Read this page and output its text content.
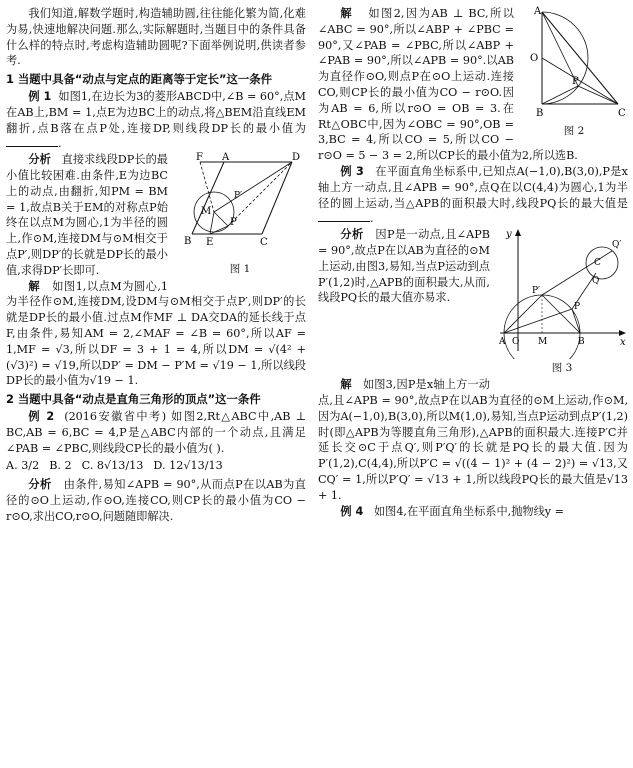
我们知道,解数学题时,构造辅助圆,往往能化繁为简,化难为易,快速地解决问题.那么,实际解题时,当题目中的条件具备什么样的特点时,考虑构造辅助圆呢?下面举例说明,供读者参考.

1 当题中具备“动点与定点的距离等于定长”这一条件

例 1 如图1,在边长为3的菱形ABCD中,∠B = 60°,点M在AB上,BM = 1,点E为边BC上的动点,将△BEM沿直线EM翻折,点B落在点P处,连接DP,则线段DP长的最小值为 .

F A	D
P′
M
P
B E	C
图 1

分析 直接求线段DP长的最小值比较困难.由条件,E为边BC上的动点,由翻折,知PM = BM = 1,故点B关于EM的对称点P始终在以点M为圆心,1为半径的圆上,作⊙M,连接DM与⊙M相交于点P′,则DP′的长就是DP长的最小值,求得DP′长即可.

解 如图1,以点M为圆心,1为半径作⊙M,连接DM,设DM与⊙M相交于点P′,则DP′的长就是DP长的最小值.过点M作MF ⊥ DA交DA的延长线于点F,由条件,易知AM = 2,∠MAF = ∠B = 60°,所以AF = 1,MF = √3,所以DF = 3 + 1 = 4,所以DM = √(4² + (√3)²) = √19,所以DP′ = DM − P′M = √19 − 1,所以线段DP长的最小值为√19 − 1.

2 当题中具备“动点是直角三角形的顶点”这一条件

例 2 (2016安徽省中考) 如图2,Rt△ABC中,AB ⊥ BC,AB = 6,BC = 4,P是△ABC内部的一个动点,且满足∠PAB = ∠PBC,则线段CP长的最小值为( ).

A. 3/2 B. 2 C. 8√13/13 D. 12√13/13

分析 由条件,易知∠APB = 90°,从而点P在以AB为直径的⊙O上运动,作⊙O,连接CO,则CP长的最小值为CO − r⊙O,求出CO,r⊙O,问题随即解决.

A
O
P
B	C
图 2

解 如图2,因为AB ⊥ BC,所以∠ABC = 90°,所以∠ABP + ∠PBC = 90°,又∠PAB = ∠PBC,所以∠ABP + ∠PAB = 90°,所以∠APB = 90°.以AB为直径作⊙O,则点P在⊙O上运动.连接CO,则CP长的最小值为CO − r⊙O.因为AB = 6,所以r⊙O = OB = 3.在Rt△OBC中,因为∠OBC = 90°,OB = 3,BC = 4,所以CO = 5,所以CO − r⊙O = 5 − 3 = 2,所以CP长的最小值为2,所以选B.

例 3 在平面直角坐标系中,已知点A(−1,0),B(3,0),P是x轴上方一动点,且∠APB = 90°,点Q在以C(4,4)为圆心,1为半径的圆上运动,当△APB的面积最大时,线段PQ长的最大值是 .

y
Q′
C
Q
P′
P
A O M	B	x
图 3

分析 因P是一动点,且∠APB = 90°,故点P在以AB为直径的⊙M上运动,由图3,易知,当点P运动到点P′(1,2)时,△APB的面积最大,从而,线段PQ长的最大值亦易求.

解 如图3,因P是x轴上方一动点,且∠APB = 90°,故点P在以AB为直径的⊙M上运动,作⊙M,因为A(−1,0),B(3,0),所以M(1,0),易知,当点P运动到点P′(1,2)时(即△APB为等腰直角三角形),△APB的面积最大.连接P′C并延长交⊙C于点Q′,则P′Q′的长就是PQ长的最大值.因为P′(1,2),C(4,4),所以P′C = √((4 − 1)² + (4 − 2)²) = √13,又CQ′ = 1,所以P′Q′ = √13 + 1,所以线段PQ长的最大值是√13 + 1.

例 4 如图4,在平面直角坐标系中,抛物线y =
